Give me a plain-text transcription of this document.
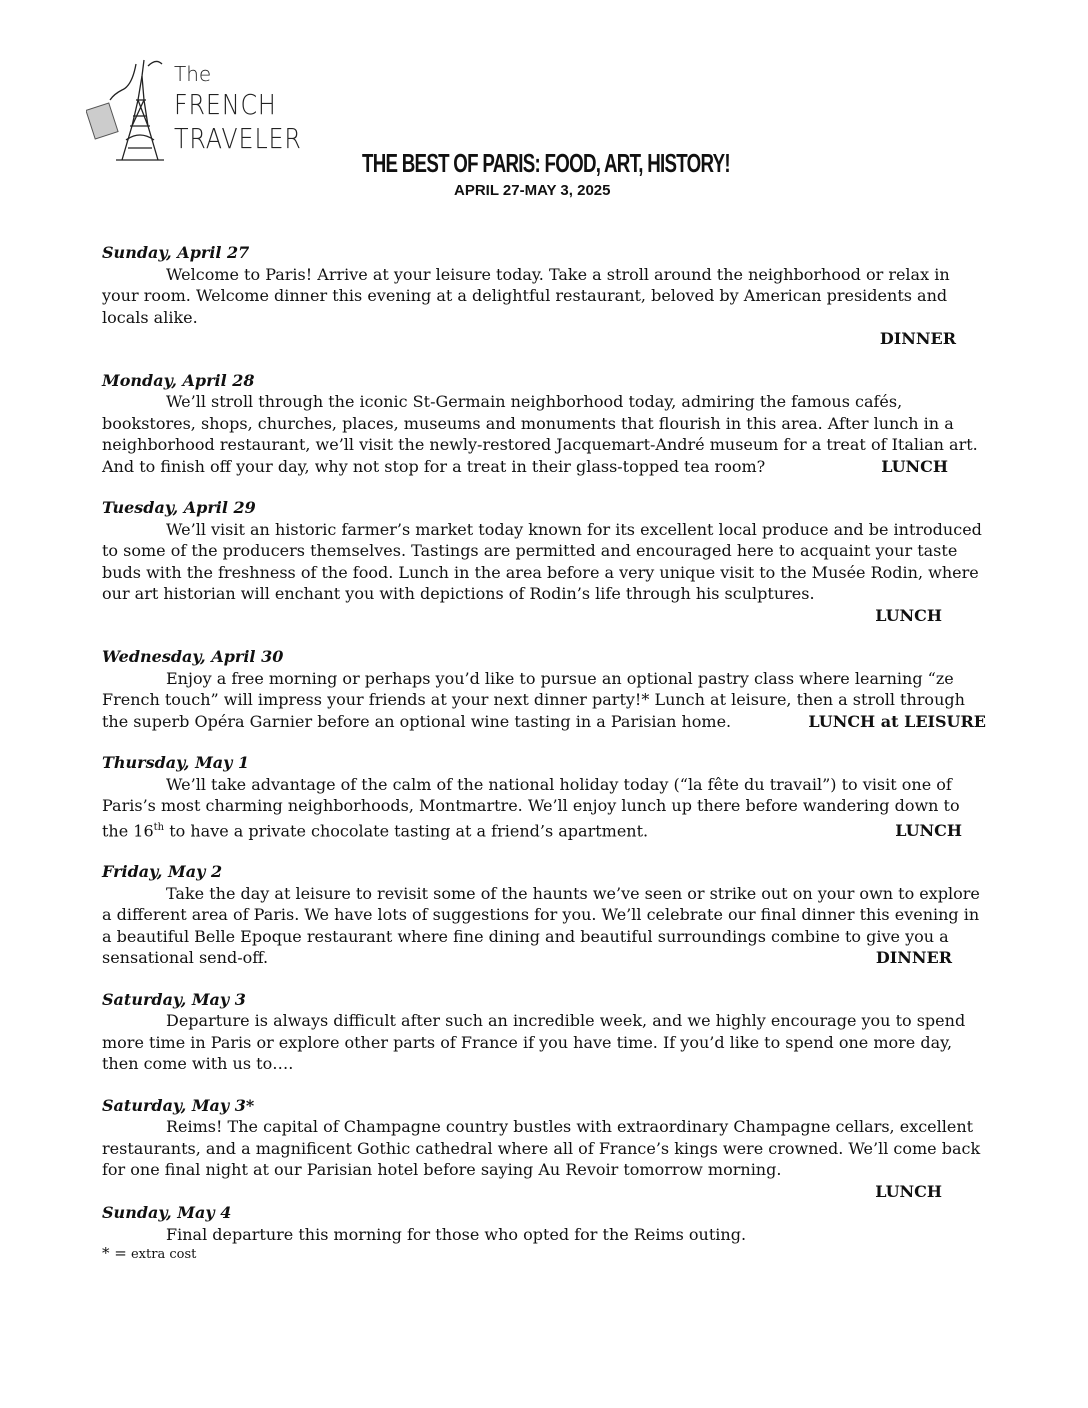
The
FRENCH
TRAVELER
THE BEST OF PARIS: FOOD, ART, HISTORY!
APRIL 27-MAY 3, 2025
Sunday, April 27
Welcome to Paris! Arrive at your leisure today. Take a stroll around the neighborhood or relax in your room. Welcome dinner this evening at a delightful restaurant, beloved by American presidents and locals alike.
DINNER
Monday, April 28
We’ll stroll through the iconic St-Germain neighborhood today, admiring the famous cafés, bookstores, shops, churches, places, museums and monuments that flourish in this area. After lunch in a neighborhood restaurant, we’ll visit the newly-restored Jacquemart-André museum for a treat of Italian art. And to finish off your day, why not stop for a treat in their glass-topped tea room?	LUNCH
Tuesday, April 29
We’ll visit an historic farmer’s market today known for its excellent local produce and be introduced to some of the producers themselves. Tastings are permitted and encouraged here to acquaint your taste buds with the freshness of the food. Lunch in the area before a very unique visit to the Musée Rodin, where our art historian will enchant you with depictions of Rodin’s life through his sculptures.
LUNCH
Wednesday, April 30
Enjoy a free morning or perhaps you’d like to pursue an optional pastry class where learning “ze French touch” will impress your friends at your next dinner party!* Lunch at leisure, then a stroll through the superb Opéra Garnier before an optional wine tasting in a Parisian home.	LUNCH at LEISURE
Thursday, May 1
We’ll take advantage of the calm of the national holiday today (“la fête du travail”) to visit one of Paris’s most charming neighborhoods, Montmartre. We’ll enjoy lunch up there before wandering down to the 16th to have a private chocolate tasting at a friend’s apartment.	LUNCH
Friday, May 2
Take the day at leisure to revisit some of the haunts we’ve seen or strike out on your own to explore a different area of Paris. We have lots of suggestions for you. We’ll celebrate our final dinner this evening in a beautiful Belle Epoque restaurant where fine dining and beautiful surroundings combine to give you a sensational send-off.	DINNER
Saturday, May 3
Departure is always difficult after such an incredible week, and we highly encourage you to spend more time in Paris or explore other parts of France if you have time. If you’d like to spend one more day, then come with us to….
Saturday, May 3*
Reims! The capital of Champagne country bustles with extraordinary Champagne cellars, excellent restaurants, and a magnificent Gothic cathedral where all of France’s kings were crowned. We’ll come back for one final night at our Parisian hotel before saying Au Revoir tomorrow morning.
LUNCH
Sunday, May 4
Final departure this morning for those who opted for the Reims outing.
* = extra cost
